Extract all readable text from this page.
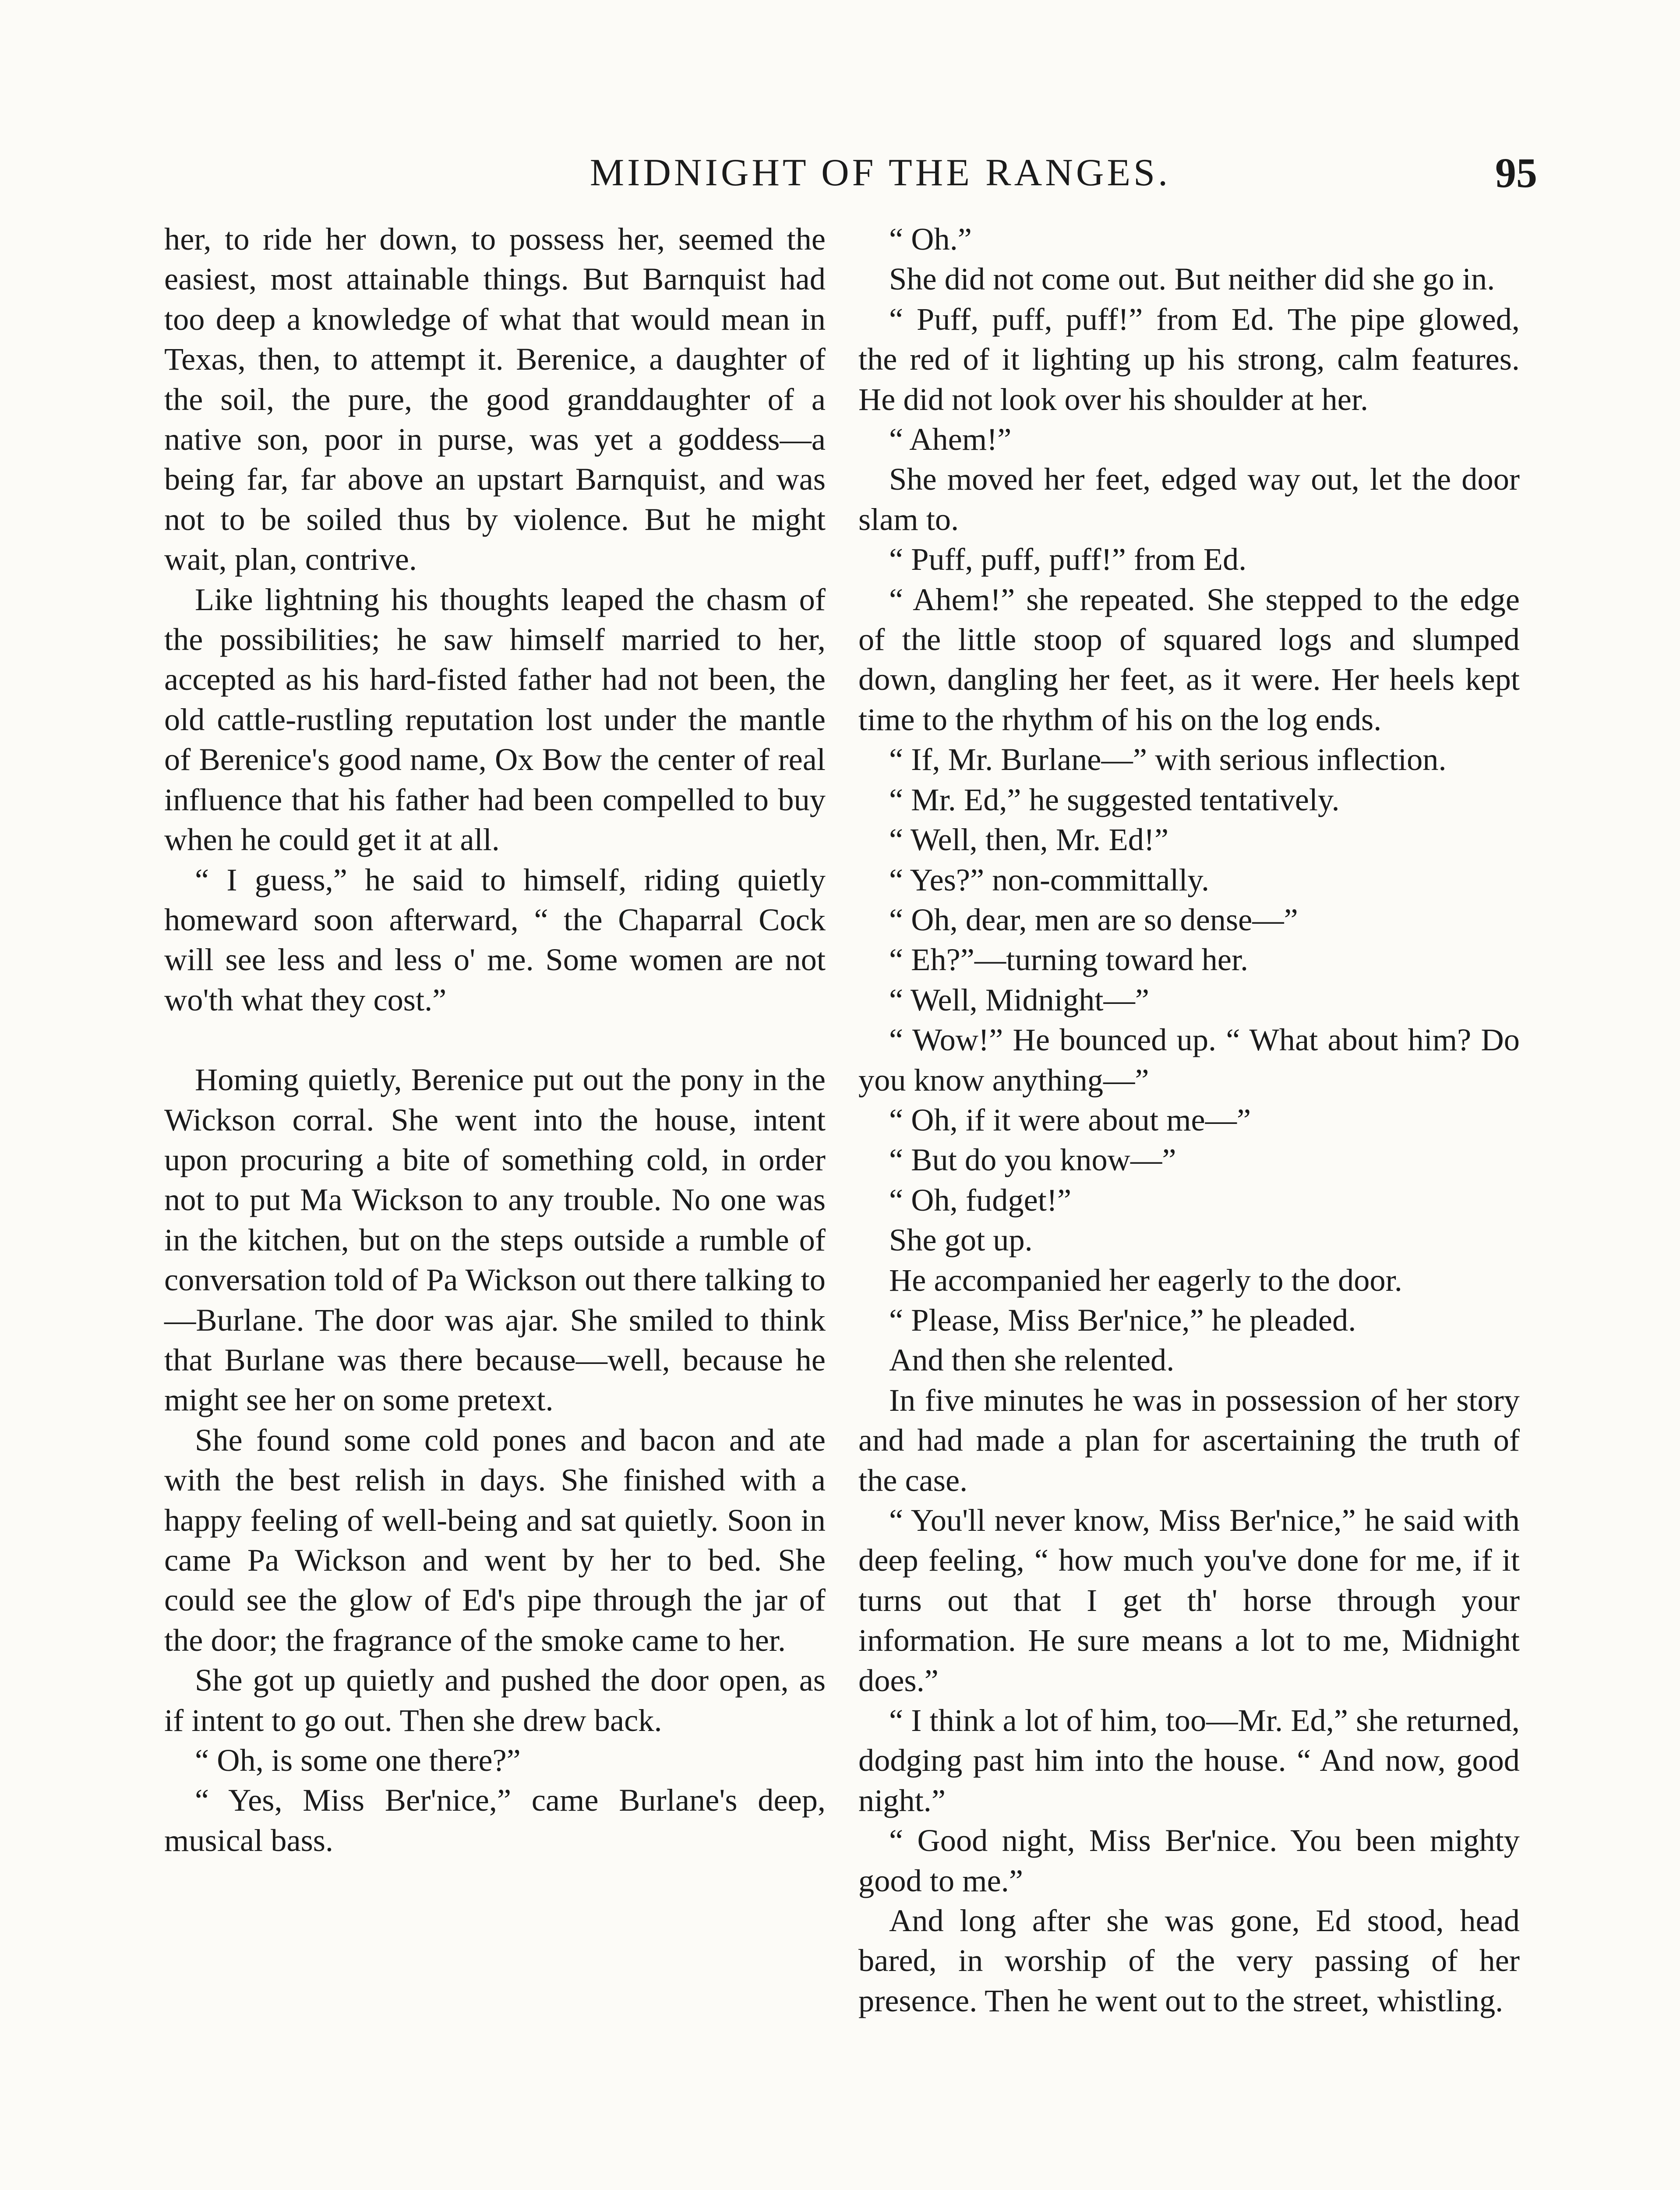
MIDNIGHT OF THE RANGES.	95

her, to ride her down, to possess her, seemed the easiest, most attainable things. But Barnquist had too deep a knowledge of what that would mean in Texas, then, to attempt it. Berenice, a daughter of the soil, the pure, the good granddaughter of a native son, poor in purse, was yet a goddess—a being far, far above an upstart Barnquist, and was not to be soiled thus by violence. But he might wait, plan, contrive.

Like lightning his thoughts leaped the chasm of the possibilities; he saw himself married to her, accepted as his hard-fisted father had not been, the old cattle-rustling reputation lost under the mantle of Berenice's good name, Ox Bow the center of real influence that his father had been compelled to buy when he could get it at all.

“ I guess,” he said to himself, riding quietly homeward soon afterward, “ the Chaparral Cock will see less and less o' me. Some women are not wo'th what they cost.”

Homing quietly, Berenice put out the pony in the Wickson corral. She went into the house, intent upon procuring a bite of something cold, in order not to put Ma Wickson to any trouble. No one was in the kitchen, but on the steps outside a rumble of conversation told of Pa Wickson out there talking to—Burlane. The door was ajar. She smiled to think that Burlane was there because—well, because he might see her on some pretext.

She found some cold pones and bacon and ate with the best relish in days. She finished with a happy feeling of well-being and sat quietly. Soon in came Pa Wickson and went by her to bed. She could see the glow of Ed's pipe through the jar of the door; the fragrance of the smoke came to her.

She got up quietly and pushed the door open, as if intent to go out. Then she drew back.

“ Oh, is some one there?”

“ Yes, Miss Ber'nice,” came Burlane's deep, musical bass.

“ Oh.”

She did not come out. But neither did she go in.

“ Puff, puff, puff!” from Ed. The pipe glowed, the red of it lighting up his strong, calm features. He did not look over his shoulder at her.

“ Ahem!”

She moved her feet, edged way out, let the door slam to.

“ Puff, puff, puff!” from Ed.

“ Ahem!” she repeated. She stepped to the edge of the little stoop of squared logs and slumped down, dangling her feet, as it were. Her heels kept time to the rhythm of his on the log ends.

“ If, Mr. Burlane—” with serious inflection.

“ Mr. Ed,” he suggested tentatively.

“ Well, then, Mr. Ed!”

“ Yes?” non-committally.

“ Oh, dear, men are so dense—”

“ Eh?”—turning toward her.

“ Well, Midnight—”

“ Wow!” He bounced up. “ What about him? Do you know anything—”

“ Oh, if it were about me—”

“ But do you know—”

“ Oh, fudget!”

She got up.

He accompanied her eagerly to the door.

“ Please, Miss Ber'nice,” he pleaded.

And then she relented.

In five minutes he was in possession of her story and had made a plan for ascertaining the truth of the case.

“ You'll never know, Miss Ber'nice,” he said with deep feeling, “ how much you've done for me, if it turns out that I get th' horse through your information. He sure means a lot to me, Midnight does.”

“ I think a lot of him, too—Mr. Ed,” she returned, dodging past him into the house. “ And now, good night.”

“ Good night, Miss Ber'nice. You been mighty good to me.”

And long after she was gone, Ed stood, head bared, in worship of the very passing of her presence. Then he went out to the street, whistling.
